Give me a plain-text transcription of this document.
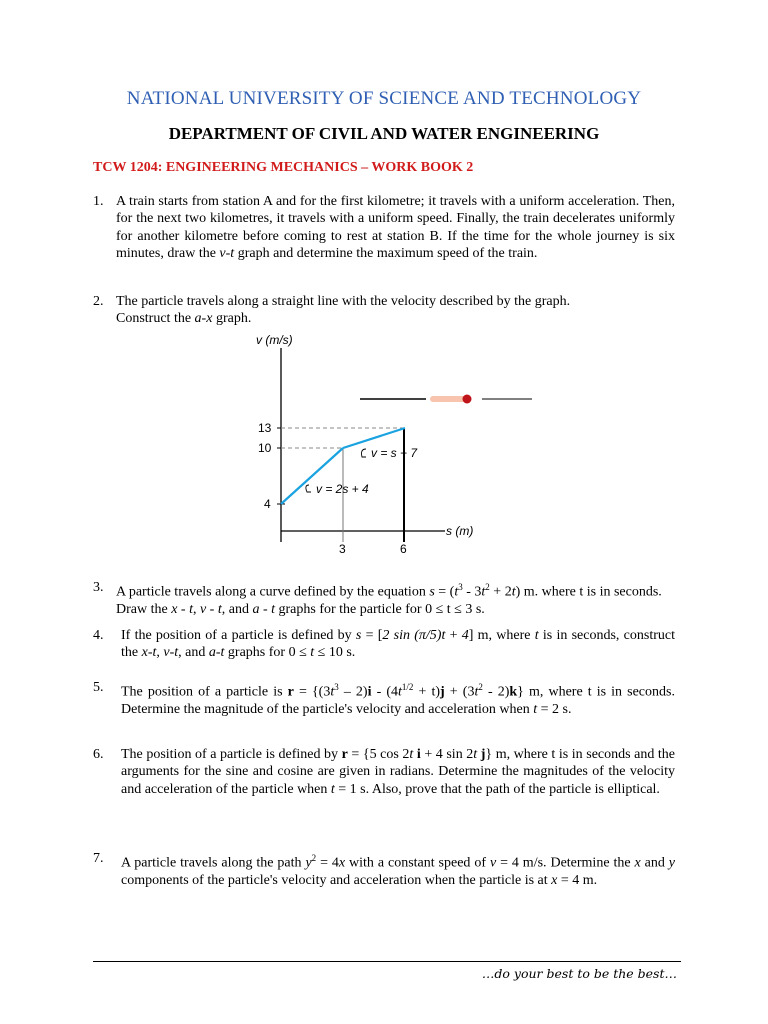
NATIONAL UNIVERSITY OF SCIENCE AND TECHNOLOGY
DEPARTMENT OF CIVIL AND WATER ENGINEERING
TCW 1204: ENGINEERING MECHANICS – WORK BOOK 2
1. A train starts from station A and for the first kilometre; it travels with a uniform acceleration. Then, for the next two kilometres, it travels with a uniform speed. Finally, the train decelerates uniformly for another kilometre before coming to rest at station B. If the time for the whole journey is six minutes, draw the v-t graph and determine the maximum speed of the train.
2. The particle travels along a straight line with the velocity described by the graph.
Construct the a-x graph.
v (m/s)
s (m)
13
10
4
3	6
v = s + 7
v = 2s + 4
3. A particle travels along a curve defined by the equation $s = (t^3 - 3t^2 + 2t)$ m. where t is in seconds. Draw the x - t, v - t, and a - t graphs for the particle for 0 ≤ t ≤ 3 s.
4. If the position of a particle is defined by s = [2 sin (π/5)t + 4] m, where t is in seconds, construct the x-t, v-t, and a-t graphs for 0 ≤ t ≤ 10 s.
5. The position of a particle is $r = \{(3t^3 - 2)i - (4t^{1/2} + t)j + (3t^2 - 2)k\}$ m, where t is in seconds. Determine the magnitude of the particle's velocity and acceleration when t = 2 s.
6. The position of a particle is defined by r = {5 cos 2t i + 4 sin 2t j} m, where t is in seconds and the arguments for the sine and cosine are given in radians. Determine the magnitudes of the velocity and acceleration of the particle when t = 1 s. Also, prove that the path of the particle is elliptical.
7. A particle travels along the path $y^2 = 4x$ with a constant speed of v = 4 m/s. Determine the x and y components of the particle's velocity and acceleration when the particle is at x = 4 m.
…do your best to be the best…
